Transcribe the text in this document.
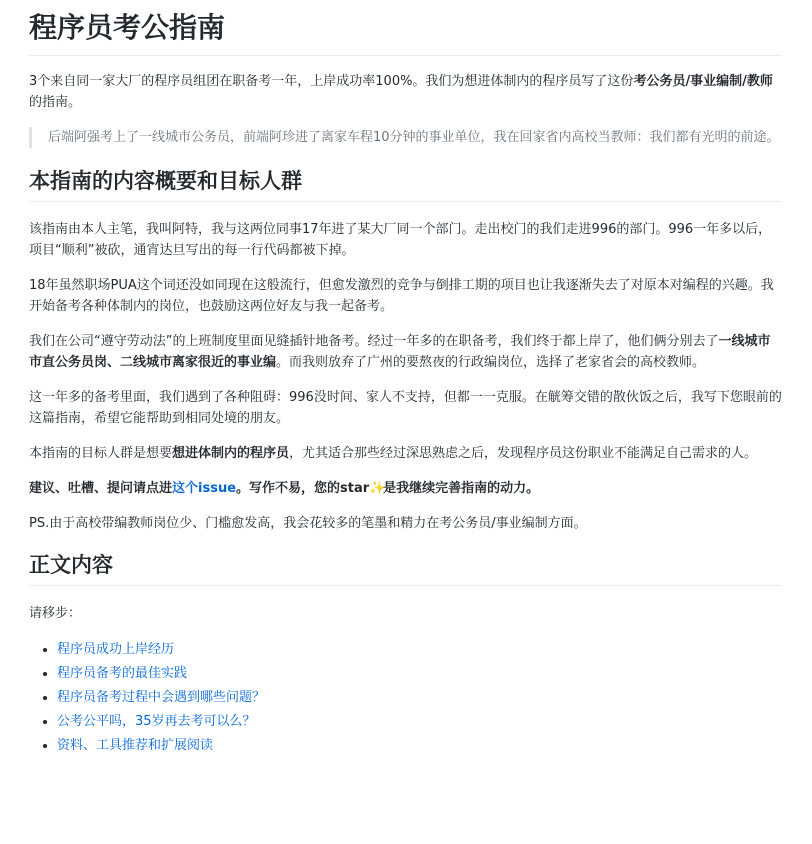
程序员考公指南

3个来自同一家大厂的程序员组团在职备考一年，上岸成功率100%。我们为想进体制内的程序员写了这份考公务员/事业编制/教师的指南。

后端阿强考上了一线城市公务员，前端阿珍进了离家车程10分钟的事业单位，我在回家省内高校当教师：我们都有光明的前途。

本指南的内容概要和目标人群

该指南由本人主笔，我叫阿特，我与这两位同事17年进了某大厂同一个部门。走出校门的我们走进996的部门。996一年多以后，项目“顺利”被砍，通宵达旦写出的每一行代码都被下掉。

18年虽然职场PUA这个词还没如同现在这般流行，但愈发激烈的竞争与倒排工期的项目也让我逐渐失去了对原本对编程的兴趣。我开始备考各种体制内的岗位，也鼓励这两位好友与我一起备考。

我们在公司“遵守劳动法”的上班制度里面见缝插针地备考。经过一年多的在职备考，我们终于都上岸了，他们俩分别去了一线城市市直公务员岗、二线城市离家很近的事业编。而我则放弃了广州的要熬夜的行政编岗位，选择了老家省会的高校教师。

这一年多的备考里面，我们遇到了各种阻碍：996没时间、家人不支持，但都一一克服。在觥筹交错的散伙饭之后，我写下您眼前的这篇指南，希望它能帮助到相同处境的朋友。

本指南的目标人群是想要想进体制内的程序员，尤其适合那些经过深思熟虑之后，发现程序员这份职业不能满足自己需求的人。

建议、吐槽、提问请点进这个issue。写作不易，您的star✨是我继续完善指南的动力。

PS.由于高校带编教师岗位少、门槛愈发高，我会花较多的笔墨和精力在考公务员/事业编制方面。

正文内容

请移步：

• 程序员成功上岸经历
• 程序员备考的最佳实践
• 程序员备考过程中会遇到哪些问题？
• 公考公平吗，35岁再去考可以么？
• 资料、工具推荐和扩展阅读
